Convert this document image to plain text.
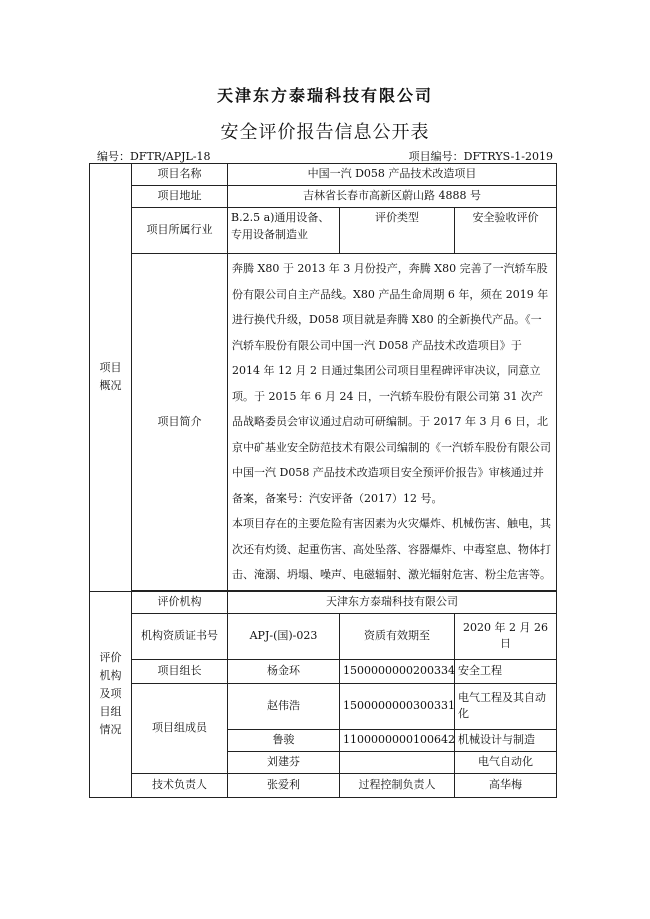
天津东方泰瑞科技有限公司
安全评价报告信息公开表
编号：DFTR/APJL-18	项目编号：DFTRYS-1-2019
项目
概况	项目名称	中国一汽 D058 产品技术改造项目		
	项目地址	吉林省长春市高新区蔚山路 4888 号		
	项目所属行业	B.2.5 a)通用设备、专用设备制造业	评价类型	安全验收评价
	项目简介	奔腾 X80 于 2013 年 3 月份投产，奔腾 X80 完善了一汽轿车股份有限公司自主产品线。X80 产品生命周期 6 年，须在 2019 年进行换代升级，D058 项目就是奔腾 X80 的全新换代产品。《一汽轿车股份有限公司中国一汽 D058 产品技术改造项目》于 2014 年 12 月 2 日通过集团公司项目里程碑评审决议，同意立项。于 2015 年 6 月 24 日，一汽轿车股份有限公司第 31 次产品战略委员会审议通过启动可研编制。于 2017 年 3 月 6 日，北京中矿基业安全防范技术有限公司编制的《一汽轿车股份有限公司中国一汽 D058 产品技术改造项目安全预评价报告》审核通过并备案，备案号：汽安评备（2017）12 号。

本项目存在的主要危险有害因素为火灾爆炸、机械伤害、触电，其次还有灼烫、起重伤害、高处坠落、容器爆炸、中毒窒息、物体打击、淹溺、坍塌、噪声、电磁辐射、激光辐射危害、粉尘危害等。		

评价
机构
及项
目组
情况	评价机构	天津东方泰瑞科技有限公司		
	机构资质证书号	APJ-(国)-023	资质有效期至	2020 年 2 月 26 日
	项目组长	杨金环	1500000000200334	安全工程
	项目组成员	赵伟浩	1500000000300331	电气工程及其自动化
		鲁骏	1100000000100642	机械设计与制造
		刘建芬		电气自动化
	技术负责人	张爱利	过程控制负责人	高华梅
